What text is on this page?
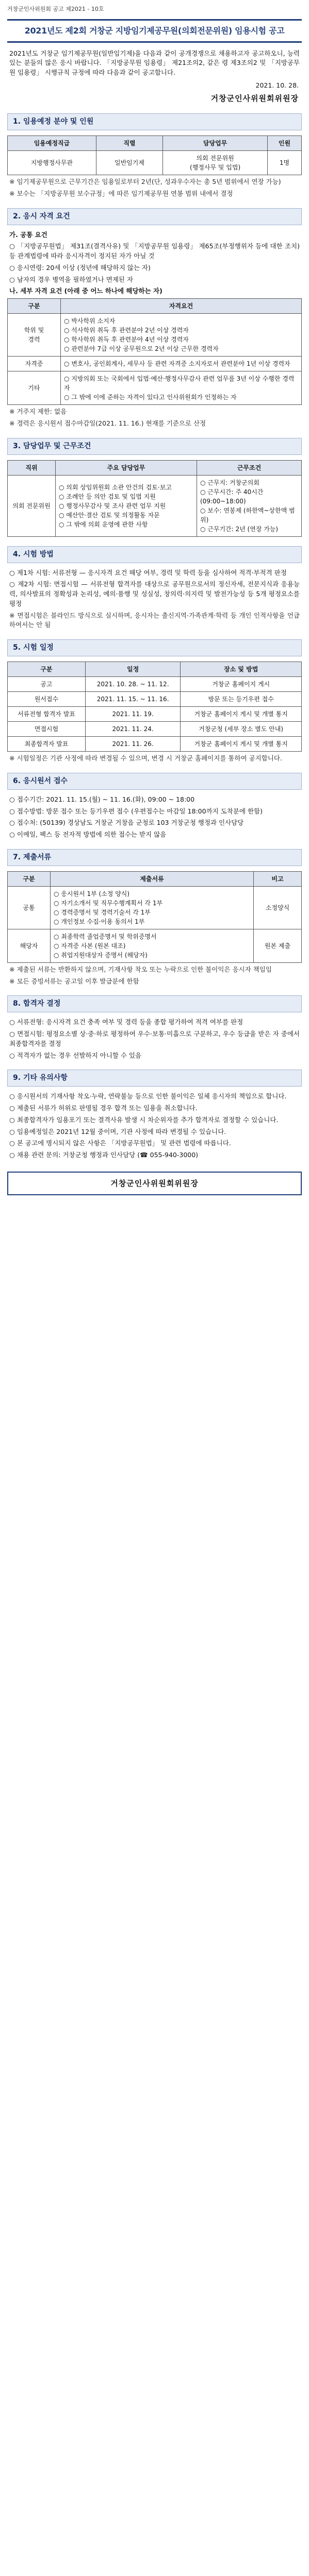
거창군인사위원회 공고 제2021 - 10호
2021년도 제2회 거창군 지방임기제공무원(의회전문위원) 임용시험 공고

2021년도 거창군 임기제공무원(일반임기제)을 다음과 같이 공개경쟁으로 채용하고자 공고하오니, 능력 있는 분들의 많은 응시 바랍니다. 「지방공무원 임용령」 제21조의2, 같은 령 제3조의2 및 「지방공무원 임용령」 시행규칙 규정에 따라 다음과 같이 공고합니다.

2021. 10. 28.
거창군인사위원회위원장
1. 임용예정 분야 및 인원
임용예정직급	직렬	담당업무	인원
지방행정사무관	일반임기제	의회 전문위원
(행정사무 및 입법)	1명

※ 임기제공무원으로 근무기간은 임용일로부터 2년(단, 성과우수자는 총 5년 범위에서 연장 가능)

※ 보수는 「지방공무원 보수규정」에 따른 임기제공무원 연봉 범위 내에서 결정

2. 응시 자격 요건

가. 공통 요건

○ 「지방공무원법」 제31조(결격사유) 및 「지방공무원 임용령」 제65조(부정행위자 등에 대한 조치) 등 관계법령에 따라 응시자격이 정지된 자가 아닐 것

○ 응시연령: 20세 이상 (정년에 해당하지 않는 자)

○ 남자의 경우 병역을 필하였거나 면제된 자

나. 세부 자격 요건 (아래 중 어느 하나에 해당하는 자)

구분	자격요건
학위 및
경력	○ 박사학위 소지자
○ 석사학위 취득 후 관련분야 2년 이상 경력자
○ 학사학위 취득 후 관련분야 4년 이상 경력자
○ 관련분야 7급 이상 공무원으로 2년 이상 근무한 경력자
자격증	○ 변호사, 공인회계사, 세무사 등 관련 자격증 소지자로서 관련분야 1년 이상 경력자
기타	○ 지방의회 또는 국회에서 입법·예산·행정사무감사 관련 업무를 3년 이상 수행한 경력자
○ 그 밖에 이에 준하는 자격이 있다고 인사위원회가 인정하는 자

※ 거주지 제한: 없음

※ 경력은 응시원서 접수마감일(2021. 11. 16.) 현재를 기준으로 산정

3. 담당업무 및 근무조건
직위	주요 담당업무	근무조건
의회 전문위원	○ 의회 상임위원회 소관 안건의 검토·보고
○ 조례안 등 의안 검토 및 입법 지원
○ 행정사무감사 및 조사 관련 업무 지원
○ 예산안·결산 검토 및 의정활동 자문
○ 그 밖에 의회 운영에 관한 사항	○ 근무지: 거창군의회
○ 근무시간: 주 40시간 (09:00~18:00)
○ 보수: 연봉제 (하한액~상한액 범위)
○ 근무기간: 2년 (연장 가능)
4. 시험 방법

○ 제1차 시험: 서류전형 — 응시자격 요건 해당 여부, 경력 및 학력 등을 심사하여 적격·부적격 판정

○ 제2차 시험: 면접시험 — 서류전형 합격자를 대상으로 공무원으로서의 정신자세, 전문지식과 응용능력, 의사발표의 정확성과 논리성, 예의·품행 및 성실성, 창의력·의지력 및 발전가능성 등 5개 평정요소를 평정

※ 면접시험은 블라인드 방식으로 실시하며, 응시자는 출신지역·가족관계·학력 등 개인 인적사항을 언급하여서는 안 됨

5. 시험 일정
구분	일정	장소 및 방법
공고	2021. 10. 28. ~ 11. 12.	거창군 홈페이지 게시
원서접수	2021. 11. 15. ~ 11. 16.	방문 또는 등기우편 접수
서류전형 합격자 발표	2021. 11. 19.	거창군 홈페이지 게시 및 개별 통지
면접시험	2021. 11. 24.	거창군청 (세부 장소 별도 안내)
최종합격자 발표	2021. 11. 26.	거창군 홈페이지 게시 및 개별 통지

※ 시험일정은 기관 사정에 따라 변경될 수 있으며, 변경 시 거창군 홈페이지를 통하여 공지합니다.

6. 응시원서 접수

○ 접수기간: 2021. 11. 15.(월) ~ 11. 16.(화), 09:00 ~ 18:00

○ 접수방법: 방문 접수 또는 등기우편 접수 (우편접수는 마감일 18:00까지 도착분에 한함)

○ 접수처: (50139) 경상남도 거창군 거창읍 군청로 103 거창군청 행정과 인사담당

○ 이메일, 팩스 등 전자적 방법에 의한 접수는 받지 않음

7. 제출서류
구분	제출서류	비고
공통	○ 응시원서 1부 (소정 양식)
○ 자기소개서 및 직무수행계획서 각 1부
○ 경력증명서 및 경력기술서 각 1부
○ 개인정보 수집·이용 동의서 1부	소정양식
해당자	○ 최종학력 졸업증명서 및 학위증명서
○ 자격증 사본 (원본 대조)
○ 취업지원대상자 증명서 (해당자)	원본 제출

※ 제출된 서류는 반환하지 않으며, 기재사항 착오 또는 누락으로 인한 불이익은 응시자 책임임

※ 모든 증빙서류는 공고일 이후 발급분에 한함

8. 합격자 결정

○ 서류전형: 응시자격 요건 충족 여부 및 경력 등을 종합 평가하여 적격 여부를 판정

○ 면접시험: 평정요소별 상·중·하로 평정하여 우수·보통·미흡으로 구분하고, 우수 등급을 받은 자 중에서 최종합격자를 결정

○ 적격자가 없는 경우 선발하지 아니할 수 있음

9. 기타 유의사항

○ 응시원서의 기재사항 착오·누락, 연락불능 등으로 인한 불이익은 일체 응시자의 책임으로 합니다.

○ 제출된 서류가 허위로 판명될 경우 합격 또는 임용을 취소합니다.

○ 최종합격자가 임용포기 또는 결격사유 발생 시 차순위자를 추가 합격자로 결정할 수 있습니다.

○ 임용예정일은 2021년 12월 중이며, 기관 사정에 따라 변경될 수 있습니다.

○ 본 공고에 명시되지 않은 사항은 「지방공무원법」 및 관련 법령에 따릅니다.

○ 채용 관련 문의: 거창군청 행정과 인사담당 (☎ 055-940-3000)

거창군인사위원회위원장
